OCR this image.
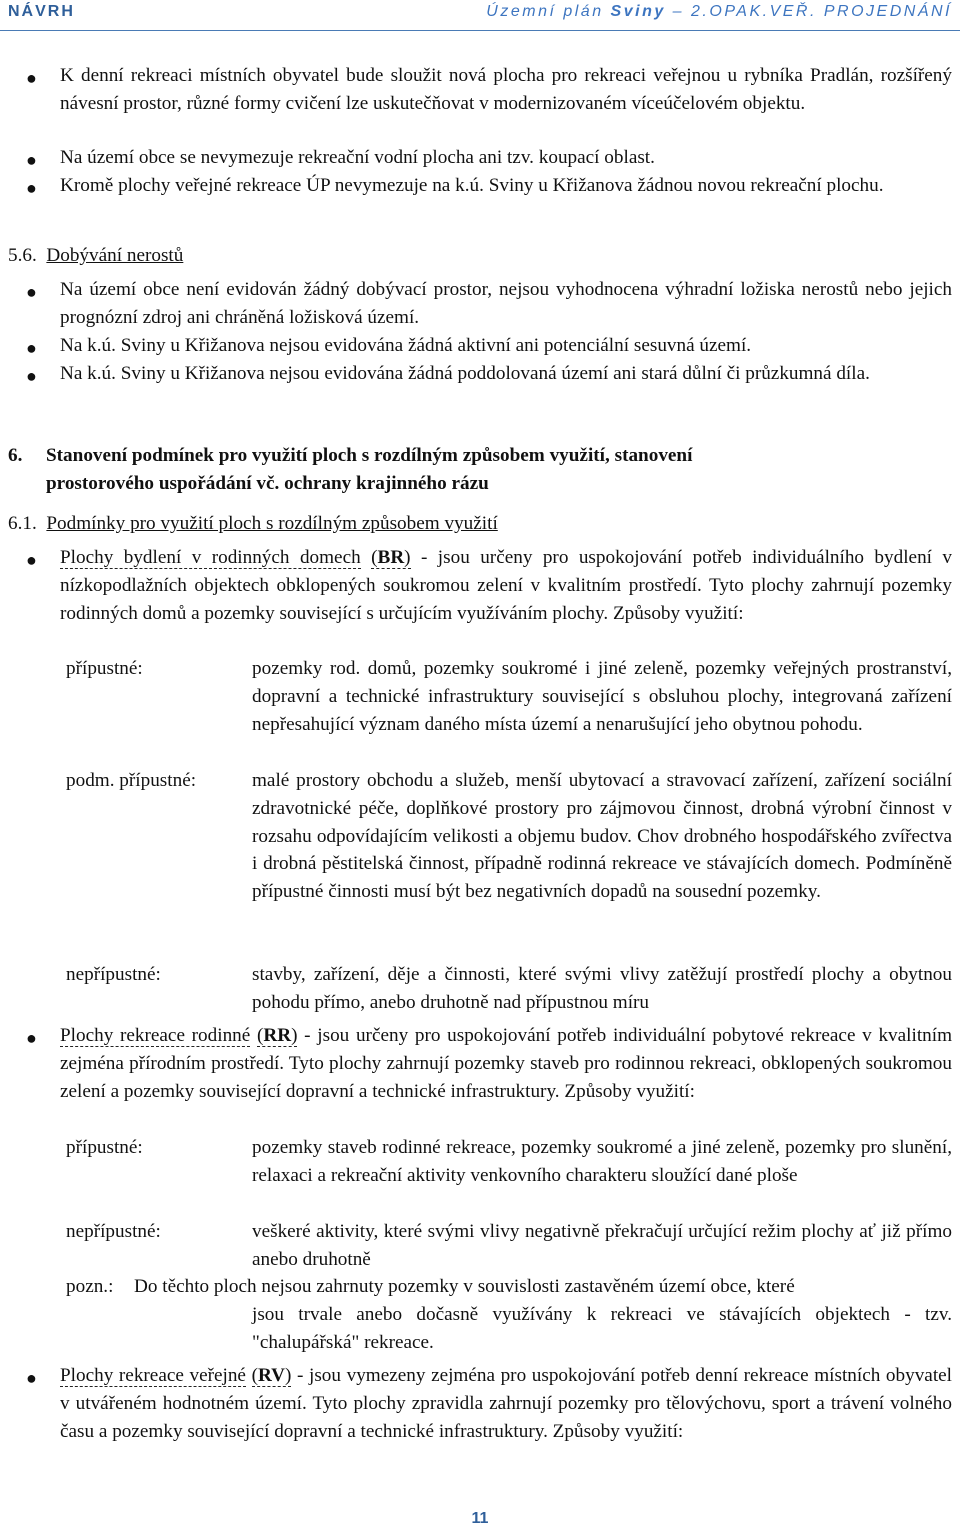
NÁVRH	Územní plán Sviny – 2.OPAK.VEŘ. PROJEDNÁNÍ
● K denní rekreaci místních obyvatel bude sloužit nová plocha pro rekreaci veřejnou u rybníka Pradlán, rozšířený návesní prostor, různé formy cvičení lze uskutečňovat v modernizovaném víceúčelovém objektu.
● Na území obce se nevymezuje rekreační vodní plocha ani tzv. koupací oblast.
● Kromě plochy veřejné rekreace ÚP nevymezuje na k.ú. Sviny u Křižanova žádnou novou rekreační plochu.
5.6. Dobývání nerostů
● Na území obce není evidován žádný dobývací prostor, nejsou vyhodnocena výhradní ložiska nerostů nebo jejich prognózní zdroj ani chráněná ložisková území.
● Na k.ú. Sviny u Křižanova nejsou evidována žádná aktivní ani potenciální sesuvná území.
● Na k.ú. Sviny u Křižanova nejsou evidována žádná poddolovaná území ani stará důlní či průzkumná díla.
6. Stanovení podmínek pro využití ploch s rozdílným způsobem využití, stanovení
prostorového uspořádání vč. ochrany krajinného rázu
6.1. Podmínky pro využití ploch s rozdílným způsobem využití
● Plochy bydlení v rodinných domech (BR) - jsou určeny pro uspokojování potřeb individuálního bydlení v nízkopodlažních objektech obklopených soukromou zelení v kvalitním prostředí. Tyto plochy zahrnují pozemky rodinných domů a pozemky související s určujícím využíváním plochy. Způsoby využití:
přípustné:	pozemky rod. domů, pozemky soukromé i jiné zeleně, pozemky veřejných prostranství, dopravní a technické infrastruktury související s obsluhou plochy, integrovaná zařízení nepřesahující význam daného místa území a nenarušující jeho obytnou pohodu.
podm. přípustné:	malé prostory obchodu a služeb, menší ubytovací a stravovací zařízení, zařízení sociální zdravotnické péče, doplňkové prostory pro zájmovou činnost, drobná výrobní činnost v rozsahu odpovídajícím velikosti a objemu budov. Chov drobného hospodářského zvířectva i drobná pěstitelská činnost, případně rodinná rekreace ve stávajících domech. Podmíněně přípustné činnosti musí být bez negativních dopadů na sousední pozemky.
nepřípustné:	stavby, zařízení, děje a činnosti, které svými vlivy zatěžují prostředí plochy a obytnou pohodu přímo, anebo druhotně nad přípustnou míru
● Plochy rekreace rodinné (RR) - jsou určeny pro uspokojování potřeb individuální pobytové rekreace v kvalitním zejména přírodním prostředí. Tyto plochy zahrnují pozemky staveb pro rodinnou rekreaci, obklopených soukromou zelení a pozemky související dopravní a technické infrastruktury. Způsoby využití:
přípustné:	pozemky staveb rodinné rekreace, pozemky soukromé a jiné zeleně, pozemky pro slunění, relaxaci a rekreační aktivity venkovního charakteru sloužící dané ploše
nepřípustné:	veškeré aktivity, které svými vlivy negativně překračují určující režim plochy ať již přímo anebo druhotně
pozn.: Do těchto ploch nejsou zahrnuty pozemky v souvislosti zastavěném území obce, které
jsou trvale anebo dočasně využívány k rekreaci ve stávajících objektech - tzv. "chalupářská" rekreace.
● Plochy rekreace veřejné (RV) - jsou vymezeny zejména pro uspokojování potřeb denní rekreace místních obyvatel v utvářeném hodnotném území. Tyto plochy zpravidla zahrnují pozemky pro tělovýchovu, sport a trávení volného času a pozemky související dopravní a technické infrastruktury. Způsoby využití:
11
